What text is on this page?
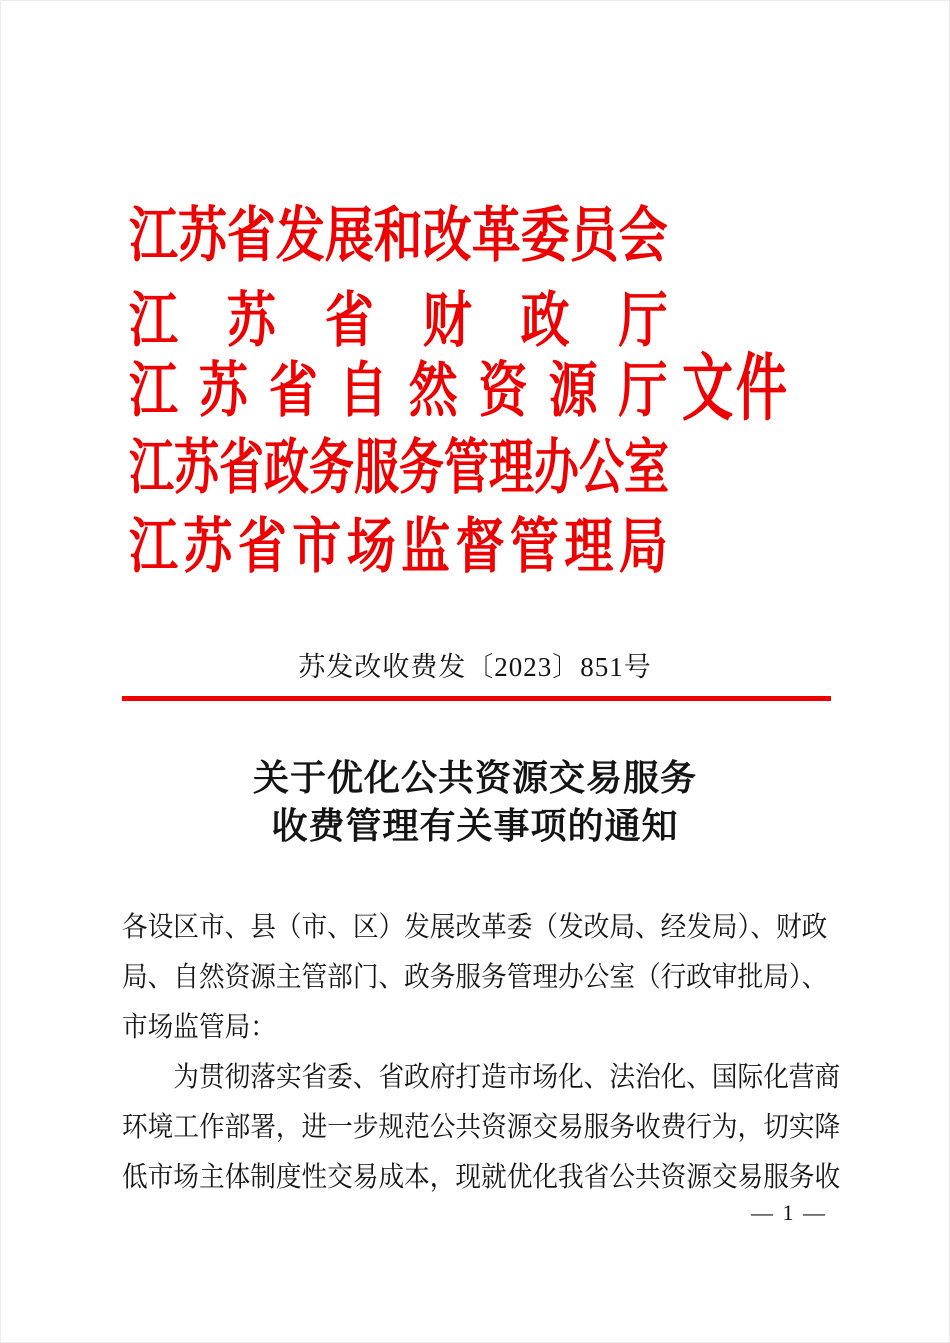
江苏省发展和改革委员会
江苏省财政厅
江苏省自然资源厅
文件
江苏省政务服务管理办公室
江苏省市场监督管理局
苏发改收费发〔2023〕851号
关于优化公共资源交易服务
收费管理有关事项的通知
各设区市、县（市、区）发展改革委（发改局、经发局）、财政
局、自然资源主管部门、政务服务管理办公室（行政审批局）、
市场监管局：
为贯彻落实省委、省政府打造市场化、法治化、国际化营商
环境工作部署，进一步规范公共资源交易服务收费行为，切实降
低市场主体制度性交易成本，现就优化我省公共资源交易服务收
— 1 —
